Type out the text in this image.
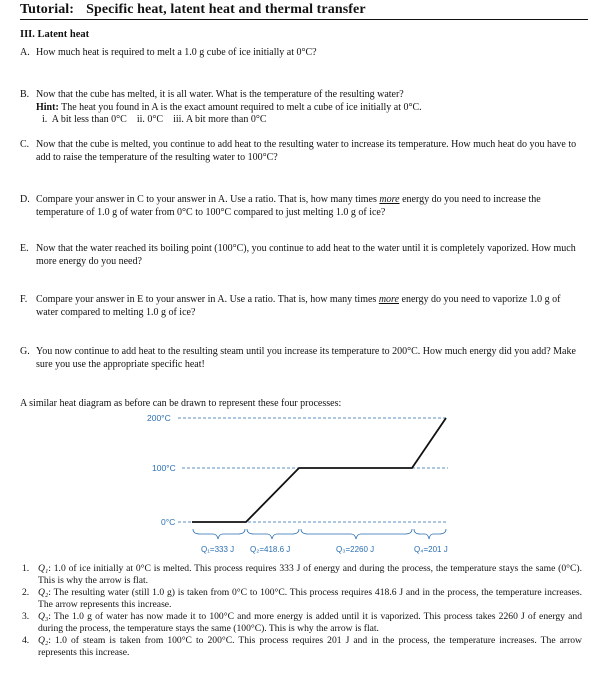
Tutorial: Specific heat, latent heat and thermal transfer
III. Latent heat
A. How much heat is required to melt a 1.0 g cube of ice initially at 0°C?
B. Now that the cube has melted, it is all water. What is the temperature of the resulting water?
Hint: The heat you found in A is the exact amount required to melt a cube of ice initially at 0°C.
i.  A bit less than 0°C    ii. 0°C    iii. A bit more than 0°C
C. Now that the cube is melted, you continue to add heat to the resulting water to increase its temperature. How much heat do you have to add to raise the temperature of the resulting water to 100°C?
D. Compare your answer in C to your answer in A. Use a ratio. That is, how many times more energy do you need to increase the temperature of 1.0 g of water from 0°C to 100°C compared to just melting 1.0 g of ice?
E. Now that the water reached its boiling point (100°C), you continue to add heat to the water until it is completely vaporized. How much more energy do you need?
F. Compare your answer in E to your answer in A. Use a ratio. That is, how many times more energy do you need to vaporize 1.0 g of water compared to melting 1.0 g of ice?
G. You now continue to add heat to the resulting steam until you increase its temperature to 200°C. How much energy did you add? Make sure you use the appropriate specific heat!
A similar heat diagram as before can be drawn to represent these four processes:
200°C
100°C
0°C
Q₁=333 J Q₂=418.6 J	Q₃=2260 J	Q₄=201 J
1. Q₁: 1.0 of ice initially at 0°C is melted. This process requires 333 J of energy and during the process, the temperature stays the same (0°C). This is why the arrow is flat.
2. Q₂: The resulting water (still 1.0 g) is taken from 0°C to 100°C. This process requires 418.6 J and in the process, the temperature increases. The arrow represents this increase.
3. Q₃: The 1.0 g of water has now made it to 100°C and more energy is added until it is vaporized. This process takes 2260 J of energy and during the process, the temperature stays the same (100°C). This is why the arrow is flat.
4. Q₂: 1.0 of steam is taken from 100°C to 200°C. This process requires 201 J and in the process, the temperature increases. The arrow represents this increase.
